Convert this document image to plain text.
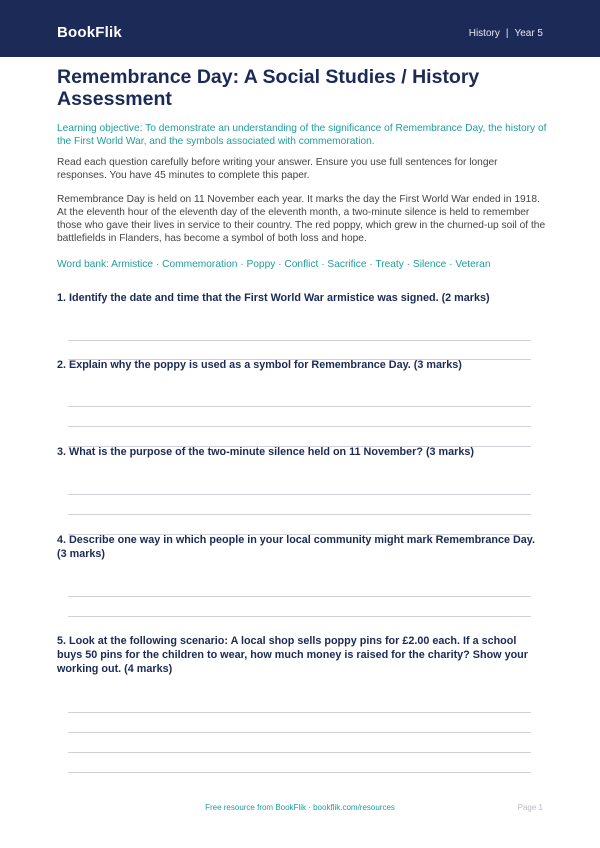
BookFlik	History | Year 5
Remembrance Day: A Social Studies / History Assessment
Learning objective: To demonstrate an understanding of the significance of Remembrance Day, the history of the First World War, and the symbols associated with commemoration.

Read each question carefully before writing your answer. Ensure you use full sentences for longer responses. You have 45 minutes to complete this paper.

Remembrance Day is held on 11 November each year. It marks the day the First World War ended in 1918. At the eleventh hour of the eleventh day of the eleventh month, a two-minute silence is held to remember those who gave their lives in service to their country. The red poppy, which grew in the churned-up soil of the battlefields in Flanders, has become a symbol of both loss and hope.

Word bank: Armistice · Commemoration · Poppy · Conflict · Sacrifice · Treaty · Silence · Veteran

1. Identify the date and time that the First World War armistice was signed. (2 marks)

2. Explain why the poppy is used as a symbol for Remembrance Day. (3 marks)

3. What is the purpose of the two-minute silence held on 11 November? (3 marks)

4. Describe one way in which people in your local community might mark Remembrance Day. (3 marks)

5. Look at the following scenario: A local shop sells poppy pins for £2.00 each. If a school buys 50 pins for the children to wear, how much money is raised for the charity? Show your working out. (4 marks)

Free resource from BookFlik · bookflik.com/resources	Page 1
